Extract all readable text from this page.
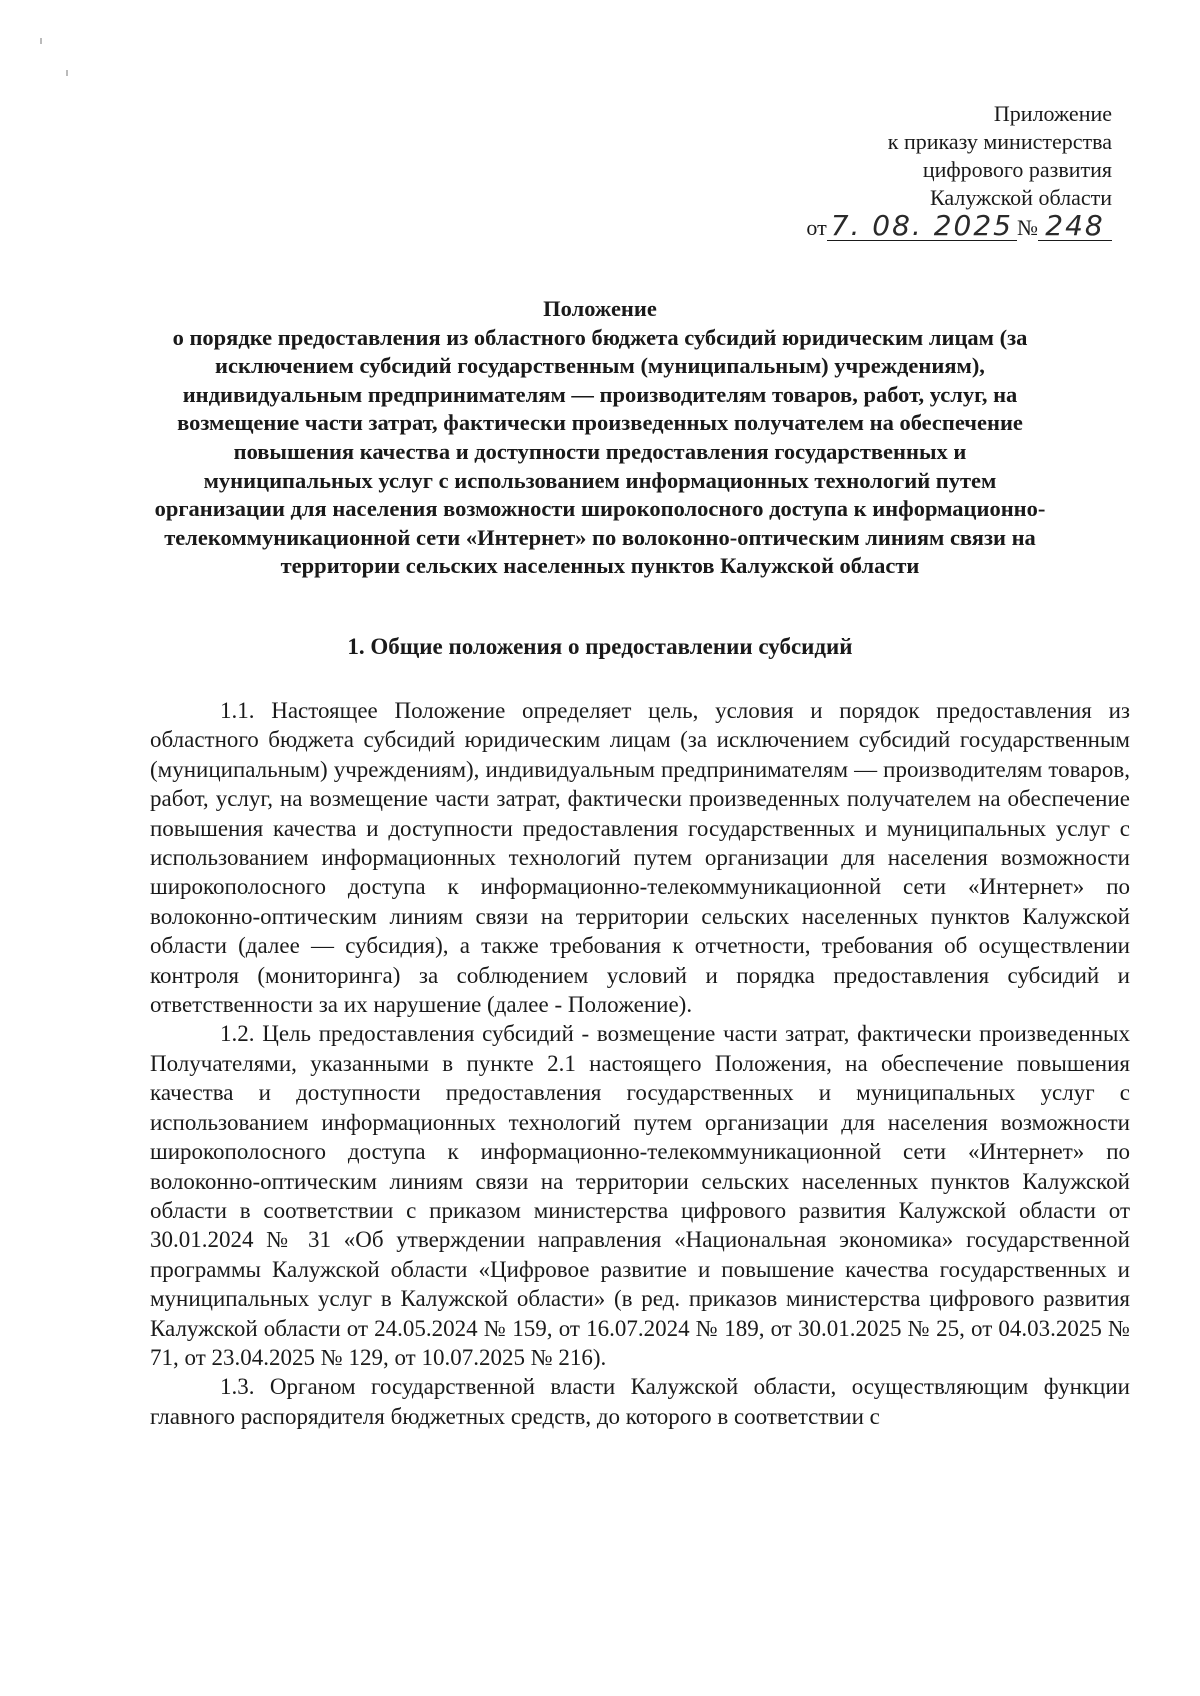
Приложение
к приказу министерства
цифрового развития
Калужской области
от 7. 08. 2025 № 248
Положение
о порядке предоставления из областного бюджета субсидий юридическим лицам (за исключением субсидий государственным (муниципальным) учреждениям), индивидуальным предпринимателям — производителям товаров, работ, услуг, на возмещение части затрат, фактически произведенных получателем на обеспечение повышения качества и доступности предоставления государственных и муниципальных услуг с использованием информационных технологий путем организации для населения возможности широкополосного доступа к информационно-телекоммуникационной сети «Интернет» по волоконно-оптическим линиям связи на территории сельских населенных пунктов Калужской области
1. Общие положения о предоставлении субсидий

1.1. Настоящее Положение определяет цель, условия и порядок предоставления из областного бюджета субсидий юридическим лицам (за исключением субсидий государственным (муниципальным) учреждениям), индивидуальным предпринимателям — производителям товаров, работ, услуг, на возмещение части затрат, фактически произведенных получателем на обеспечение повышения качества и доступности предоставления государственных и муниципальных услуг с использованием информационных технологий путем организации для населения возможности широкополосного доступа к информационно-телекоммуникационной сети «Интернет» по волоконно-оптическим линиям связи на территории сельских населенных пунктов Калужской области (далее — субсидия), а также требования к отчетности, требования об осуществлении контроля (мониторинга) за соблюдением условий и порядка предоставления субсидий и ответственности за их нарушение (далее - Положение).

1.2. Цель предоставления субсидий - возмещение части затрат, фактически произведенных Получателями, указанными в пункте 2.1 настоящего Положения, на обеспечение повышения качества и доступности предоставления государственных и муниципальных услуг с использованием информационных технологий путем организации для населения возможности широкополосного доступа к информационно-телекоммуникационной сети «Интернет» по волоконно-оптическим линиям связи на территории сельских населенных пунктов Калужской области в соответствии с приказом министерства цифрового развития Калужской области от 30.01.2024 № 31 «Об утверждении направления «Национальная экономика» государственной программы Калужской области «Цифровое развитие и повышение качества государственных и муниципальных услуг в Калужской области» (в ред. приказов министерства цифрового развития Калужской области от 24.05.2024 № 159, от 16.07.2024 № 189, от 30.01.2025 № 25, от 04.03.2025 № 71, от 23.04.2025 № 129, от 10.07.2025 № 216).

1.3. Органом государственной власти Калужской области, осуществляющим функции главного распорядителя бюджетных средств, до которого в соответствии с
